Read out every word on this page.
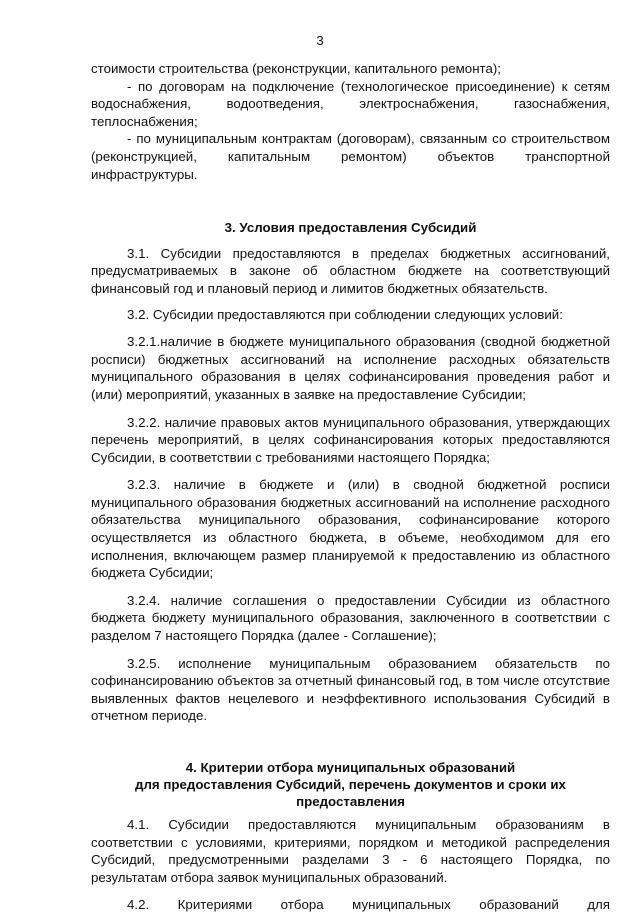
3

стоимости строительства (реконструкции, капитального ремонта);

- по договорам на подключение (технологическое присоединение) к сетям водоснабжения, водоотведения, электроснабжения, газоснабжения, теплоснабжения;

- по муниципальным контрактам (договорам), связанным со строительством (реконструкцией, капитальным ремонтом) объектов транспортной инфраструктуры.

3. Условия предоставления Субсидий

3.1. Субсидии предоставляются в пределах бюджетных ассигнований, предусматриваемых в законе об областном бюджете на соответствующий финансовый год и плановый период и лимитов бюджетных обязательств.

3.2. Субсидии предоставляются при соблюдении следующих условий:

3.2.1.наличие в бюджете муниципального образования (сводной бюджетной росписи) бюджетных ассигнований на исполнение расходных обязательств муниципального образования в целях софинансирования проведения работ и (или) мероприятий, указанных в заявке на предоставление Субсидии;

3.2.2. наличие правовых актов муниципального образования, утверждающих перечень мероприятий, в целях софинансирования которых предоставляются Субсидии, в соответствии с требованиями настоящего Порядка;

3.2.3. наличие в бюджете и (или) в сводной бюджетной росписи муниципального образования бюджетных ассигнований на исполнение расходного обязательства муниципального образования, софинансирование которого осуществляется из областного бюджета, в объеме, необходимом для его исполнения, включающем размер планируемой к предоставлению из областного бюджета Субсидии;

3.2.4. наличие соглашения о предоставлении Субсидии из областного бюджета бюджету муниципального образования, заключенного в соответствии с разделом 7 настоящего Порядка (далее - Соглашение);

3.2.5. исполнение муниципальным образованием обязательств по софинансированию объектов за отчетный финансовый год, в том числе отсутствие выявленных фактов нецелевого и неэффективного использования Субсидий в отчетном периоде.

4. Критерии отбора муниципальных образований
для предоставления Субсидий, перечень документов и сроки их
предоставления

4.1. Субсидии предоставляются муниципальным образованиям в соответствии с условиями, критериями, порядком и методикой распределения Субсидий, предусмотренными разделами 3 - 6 настоящего Порядка, по результатам отбора заявок муниципальных образований.

4.2. Критериями отбора муниципальных образований для
